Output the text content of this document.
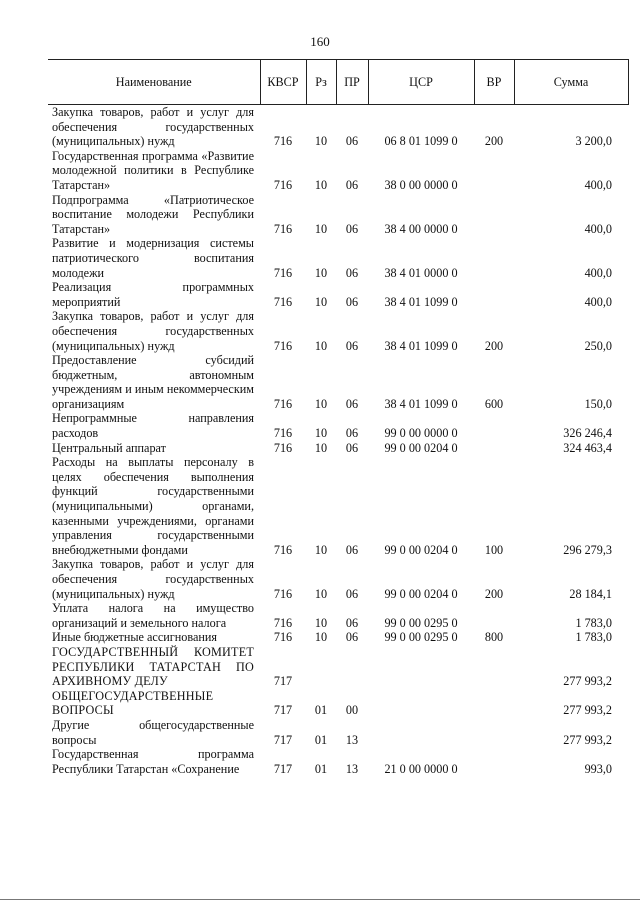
160
Наименование	КВСР	Рз	ПР	ЦСР	ВР	Сумма
Закупка товаров, работ и услуг для обеспечения государственных (муниципальных) нужд	716	10	06	06 8 01 1099 0	200	3 200,0
Государственная программа «Развитие молодежной политики в Республике Татарстан»	716	10	06	38 0 00 0000 0		400,0
Подпрограмма «Патриотическое воспитание молодежи Республики Татарстан»	716	10	06	38 4 00 0000 0		400,0
Развитие и модернизация системы патриотического воспитания молодежи	716	10	06	38 4 01 0000 0		400,0
Реализация программных мероприятий	716	10	06	38 4 01 1099 0		400,0
Закупка товаров, работ и услуг для обеспечения государственных (муниципальных) нужд	716	10	06	38 4 01 1099 0	200	250,0
Предоставление субсидий бюджетным, автономным учреждениям и иным некоммерческим организациям	716	10	06	38 4 01 1099 0	600	150,0
Непрограммные направления расходов	716	10	06	99 0 00 0000 0		326 246,4
Центральный аппарат	716	10	06	99 0 00 0204 0		324 463,4
Расходы на выплаты персоналу в целях обеспечения выполнения функций государственными (муниципальными) органами, казенными учреждениями, органами управления государственными внебюджетными фондами	716	10	06	99 0 00 0204 0	100	296 279,3
Закупка товаров, работ и услуг для обеспечения государственных (муниципальных) нужд	716	10	06	99 0 00 0204 0	200	28 184,1
Уплата налога на имущество организаций и земельного налога	716	10	06	99 0 00 0295 0		1 783,0
Иные бюджетные ассигнования	716	10	06	99 0 00 0295 0	800	1 783,0
ГОСУДАРСТВЕННЫЙ КОМИТЕТ РЕСПУБЛИКИ ТАТАРСТАН ПО АРХИВНОМУ ДЕЛУ	717					277 993,2
ОБЩЕГОСУДАРСТВЕННЫЕ ВОПРОСЫ	717	01	00			277 993,2
Другие общегосударственные вопросы	717	01	13			277 993,2
Государственная программа Республики Татарстан «Сохранение	717	01	13	21 0 00 0000 0		993,0
